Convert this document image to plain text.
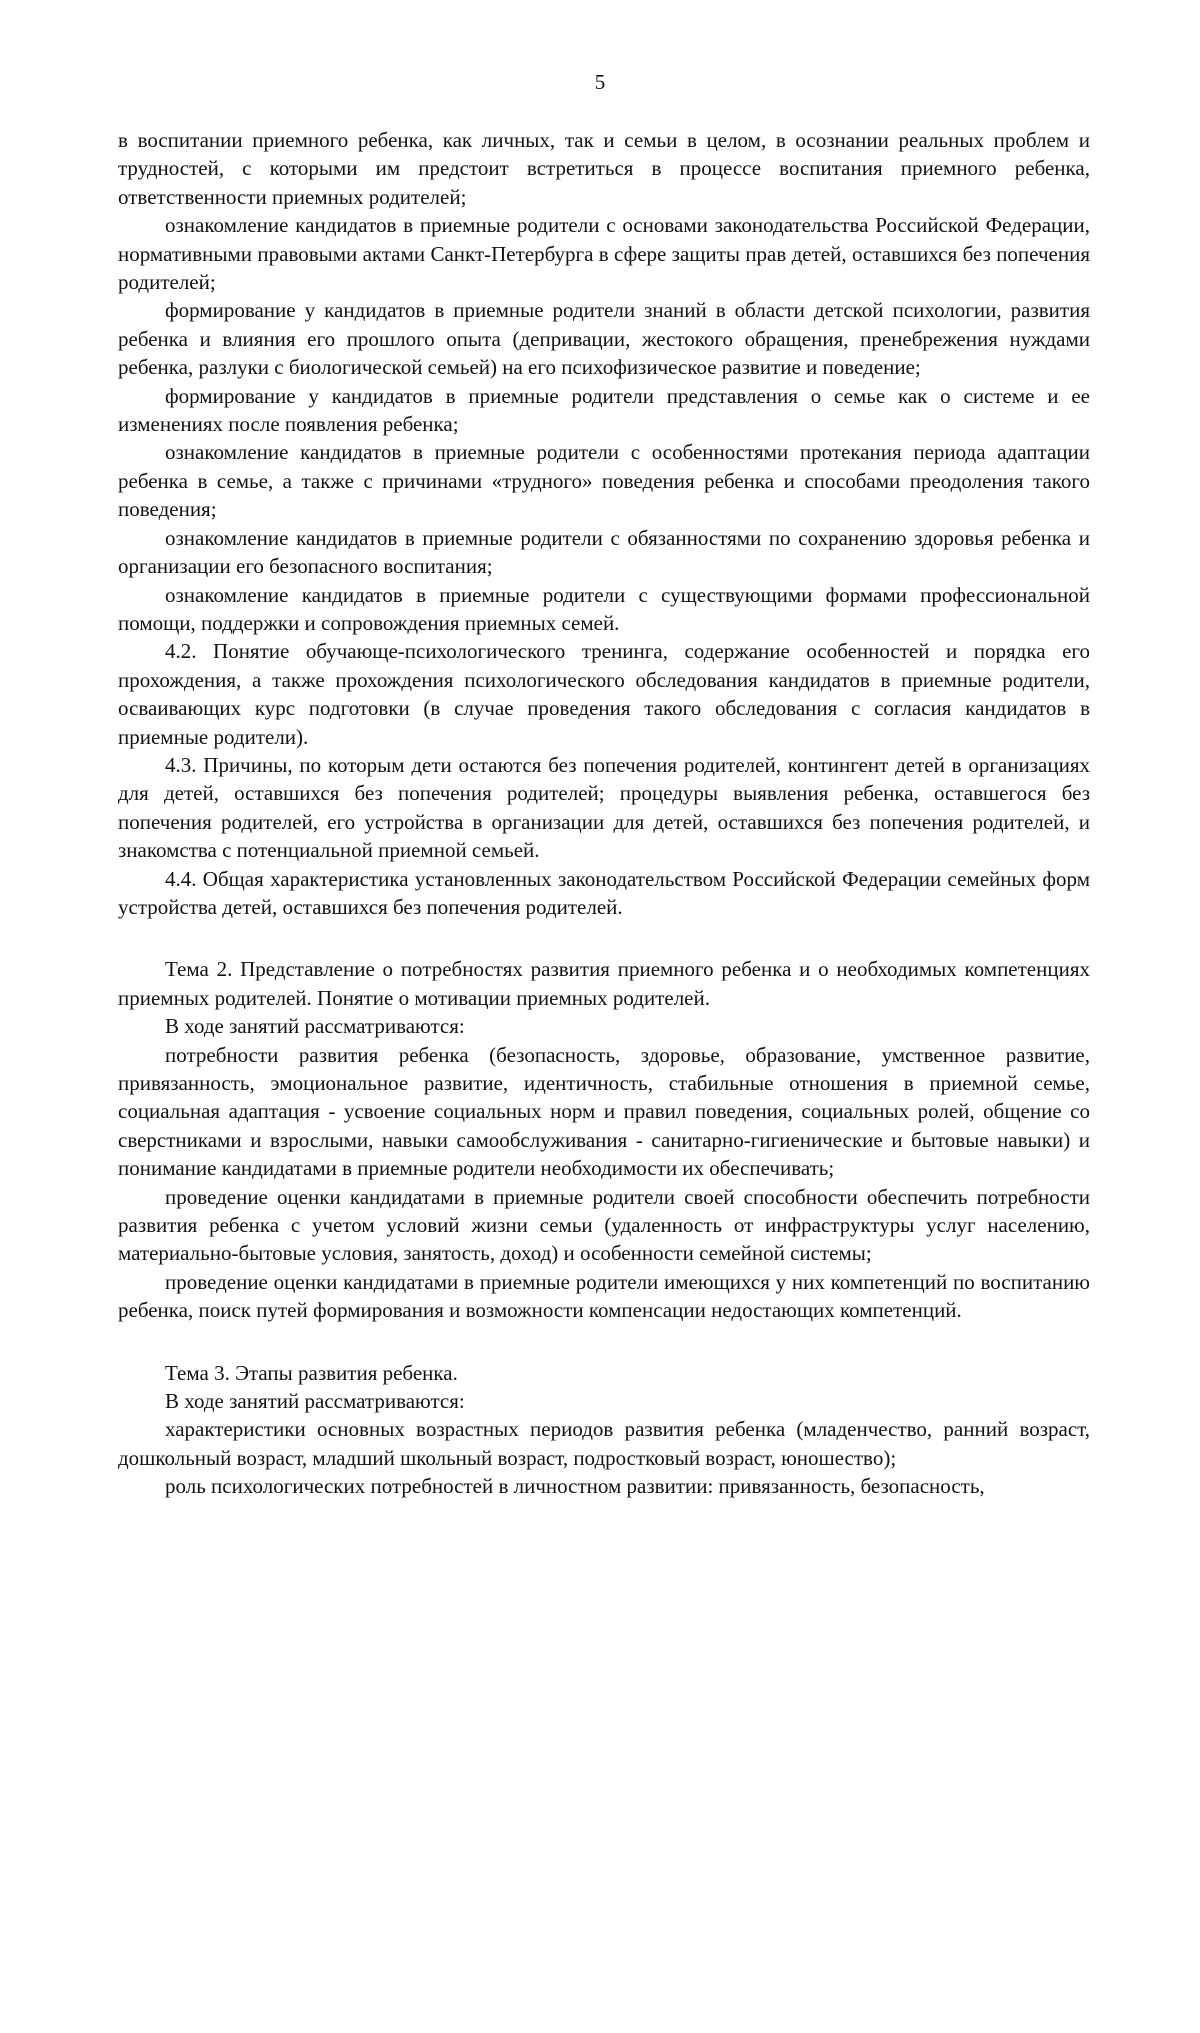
5

в воспитании приемного ребенка, как личных, так и семьи в целом, в осознании реальных проблем и трудностей, с которыми им предстоит встретиться в процессе воспитания приемного ребенка, ответственности приемных родителей;

ознакомление кандидатов в приемные родители с основами законодательства Российской Федерации, нормативными правовыми актами Санкт-Петербурга в сфере защиты прав детей, оставшихся без попечения родителей;

формирование у кандидатов в приемные родители знаний в области детской психологии, развития ребенка и влияния его прошлого опыта (депривации, жестокого обращения, пренебрежения нуждами ребенка, разлуки с биологической семьей) на его психофизическое развитие и поведение;

формирование у кандидатов в приемные родители представления о семье как о системе и ее изменениях после появления ребенка;

ознакомление кандидатов в приемные родители с особенностями протекания периода адаптации ребенка в семье, а также с причинами «трудного» поведения ребенка и способами преодоления такого поведения;

ознакомление кандидатов в приемные родители с обязанностями по сохранению здоровья ребенка и организации его безопасного воспитания;

ознакомление кандидатов в приемные родители с существующими формами профессиональной помощи, поддержки и сопровождения приемных семей.

4.2. Понятие обучающе-психологического тренинга, содержание особенностей и порядка его прохождения, а также прохождения психологического обследования кандидатов в приемные родители, осваивающих курс подготовки (в случае проведения такого обследования с согласия кандидатов в приемные родители).

4.3. Причины, по которым дети остаются без попечения родителей, контингент детей в организациях для детей, оставшихся без попечения родителей; процедуры выявления ребенка, оставшегося без попечения родителей, его устройства в организации для детей, оставшихся без попечения родителей, и знакомства с потенциальной приемной семьей.

4.4. Общая характеристика установленных законодательством Российской Федерации семейных форм устройства детей, оставшихся без попечения родителей.

Тема 2. Представление о потребностях развития приемного ребенка и о необходимых компетенциях приемных родителей. Понятие о мотивации приемных родителей.

В ходе занятий рассматриваются:

потребности развития ребенка (безопасность, здоровье, образование, умственное развитие, привязанность, эмоциональное развитие, идентичность, стабильные отношения в приемной семье, социальная адаптация - усвоение социальных норм и правил поведения, социальных ролей, общение со сверстниками и взрослыми, навыки самообслуживания - санитарно-гигиенические и бытовые навыки) и понимание кандидатами в приемные родители необходимости их обеспечивать;

проведение оценки кандидатами в приемные родители своей способности обеспечить потребности развития ребенка с учетом условий жизни семьи (удаленность от инфраструктуры услуг населению, материально-бытовые условия, занятость, доход) и особенности семейной системы;

проведение оценки кандидатами в приемные родители имеющихся у них компетенций по воспитанию ребенка, поиск путей формирования и возможности компенсации недостающих компетенций.

Тема 3. Этапы развития ребенка.

В ходе занятий рассматриваются:

характеристики основных возрастных периодов развития ребенка (младенчество, ранний возраст, дошкольный возраст, младший школьный возраст, подростковый возраст, юношество);

роль психологических потребностей в личностном развитии: привязанность, безопасность,
